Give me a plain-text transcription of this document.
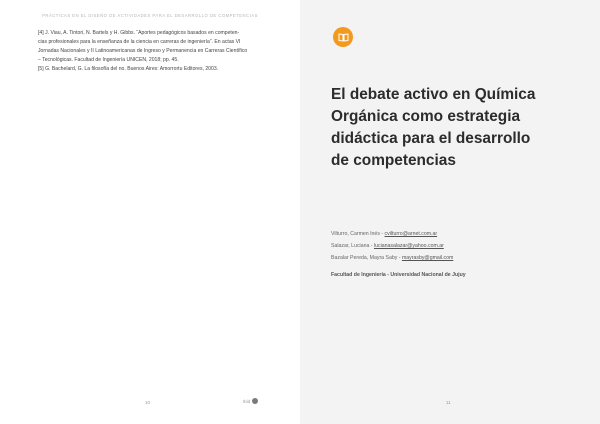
PRÁCTICAS EN EL DISEÑO DE ACTIVIDADES PARA EL DESARROLLO DE COMPETENCIAS
[4] J. Viau, A. Tintori, N. Bartels y H. Gibbs. “Aportes pedagógicos basados en competen-
cias profesionales para la enseñanza de la ciencia en carreras de ingeniería”. En actas VI
Jornadas Nacionales y II Latinoamericanas de Ingreso y Permanencia en Carreras Científico
– Tecnológicas. Facultad de Ingeniería UNICEN, 2018; pp. 45.
[5] G. Bachelard, G. La filosofía del no. Buenos Aires: Amorrortu Editores, 2003.
10	Ibid
El debate activo en Química Orgánica como estrategia didáctica para el desarrollo de competencias
Vilturro, Carmen Inés - cvilturro@arnet.com.ar
Salazar, Luciana - lucianasalazar@yahoo.com.ar
Bazalar Pereda, Mayra Saby - mayrasby@gmail.com
Facultad de Ingeniería - Universidad Nacional de Jujuy
11
